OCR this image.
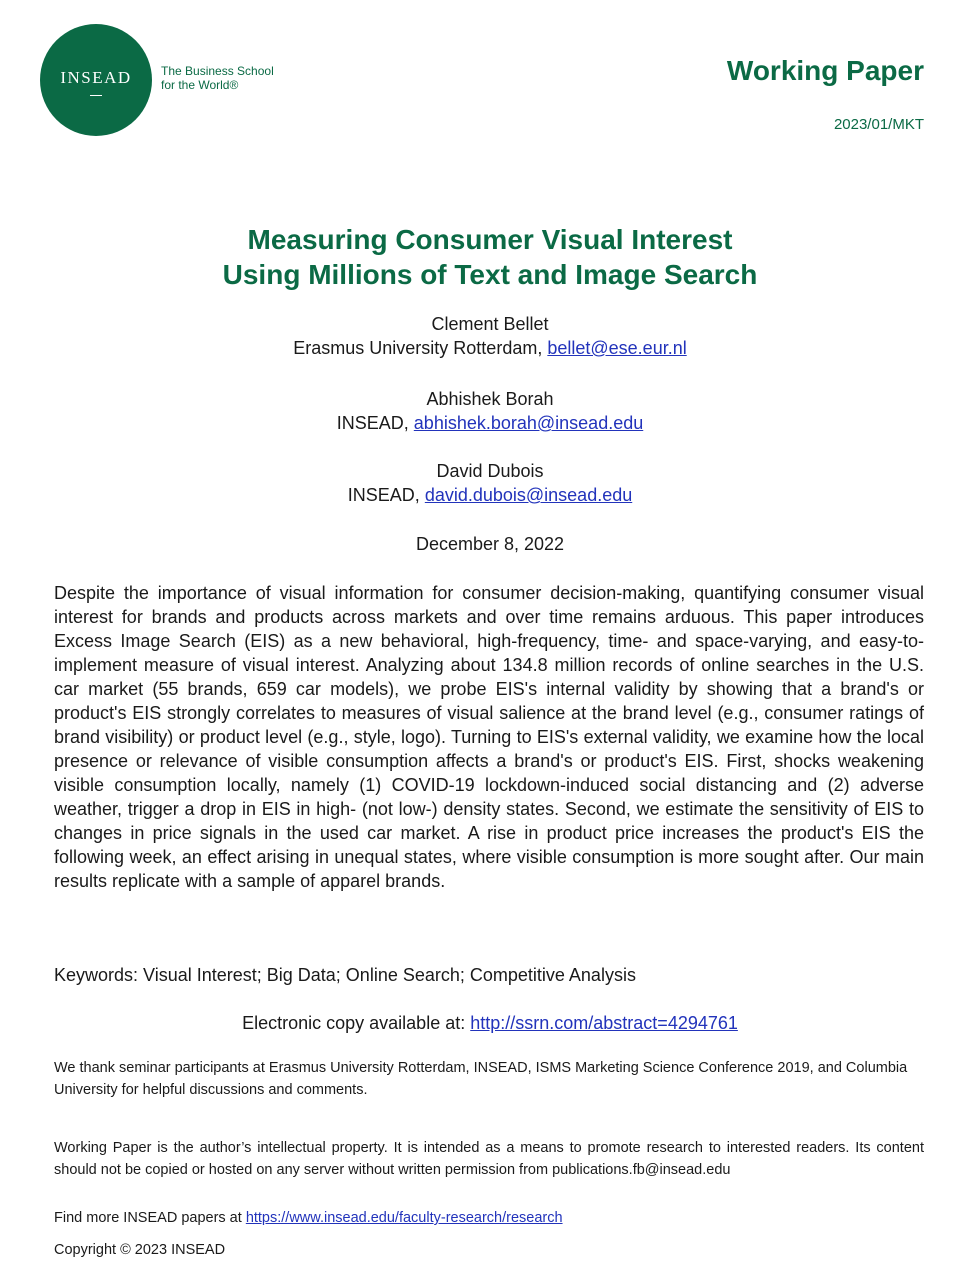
INSEAD The Business School
for the World®	Working Paper
2023/01/MKT
Measuring Consumer Visual Interest
Using Millions of Text and Image Search
Clement Bellet
Erasmus University Rotterdam, bellet@ese.eur.nl
Abhishek Borah
INSEAD, abhishek.borah@insead.edu
David Dubois
INSEAD, david.dubois@insead.edu
December 8, 2022

Despite the importance of visual information for consumer decision-making, quantifying consumer visual interest for brands and products across markets and over time remains arduous. This paper introduces Excess Image Search (EIS) as a new behavioral, high-frequency, time- and space-varying, and easy-to-implement measure of visual interest. Analyzing about 134.8 million records of online searches in the U.S. car market (55 brands, 659 car models), we probe EIS's internal validity by showing that a brand's or product's EIS strongly correlates to measures of visual salience at the brand level (e.g., consumer ratings of brand visibility) or product level (e.g., style, logo). Turning to EIS's external validity, we examine how the local presence or relevance of visible consumption affects a brand's or product's EIS. First, shocks weakening visible consumption locally, namely (1) COVID-19 lockdown-induced social distancing and (2) adverse weather, trigger a drop in EIS in high- (not low-) density states. Second, we estimate the sensitivity of EIS to changes in price signals in the used car market. A rise in product price increases the product's EIS the following week, an effect arising in unequal states, where visible consumption is more sought after. Our main results replicate with a sample of apparel brands.

Keywords: Visual Interest; Big Data; Online Search; Competitive Analysis
Electronic copy available at: http://ssrn.com/abstract=4294761

We thank seminar participants at Erasmus University Rotterdam, INSEAD, ISMS Marketing Science Conference 2019, and Columbia University for helpful discussions and comments.

Working Paper is the author’s intellectual property. It is intended as a means to promote research to interested readers. Its content should not be copied or hosted on any server without written permission from publications.fb@insead.edu

Find more INSEAD papers at https://www.insead.edu/faculty-research/research
Copyright © 2023 INSEAD
